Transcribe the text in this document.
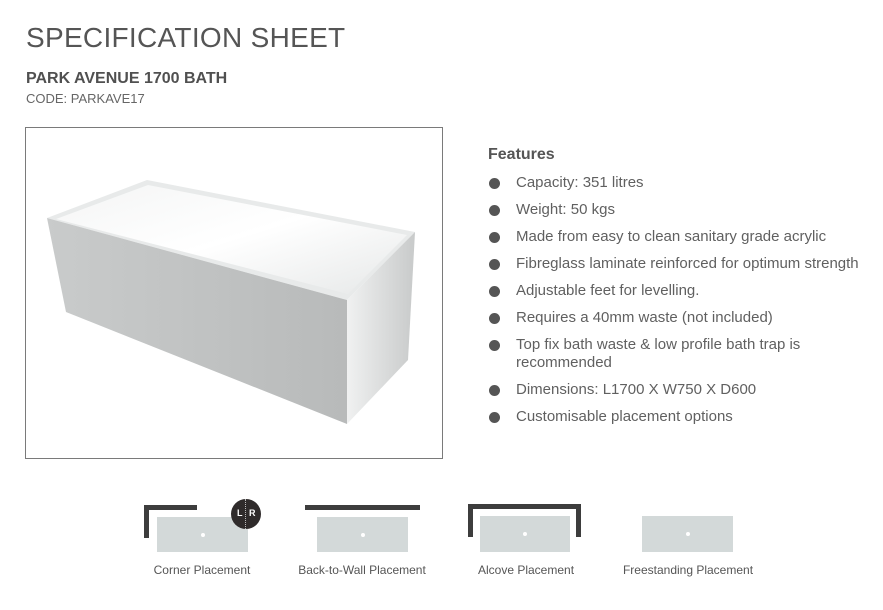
SPECIFICATION SHEET
PARK AVENUE 1700 BATH
CODE: PARKAVE17
Features
Capacity: 351 litres
Weight: 50 kgs
Made from easy to clean sanitary grade acrylic
Fibreglass laminate reinforced for optimum strength
Adjustable feet for levelling.
Requires a 40mm waste (not included)
Top fix bath waste & low profile bath trap is recommended
Dimensions: L1700 X W750 X D600
Customisable placement options
L R
Corner Placement	Back-to-Wall Placement	Alcove Placement	Freestanding Placement
